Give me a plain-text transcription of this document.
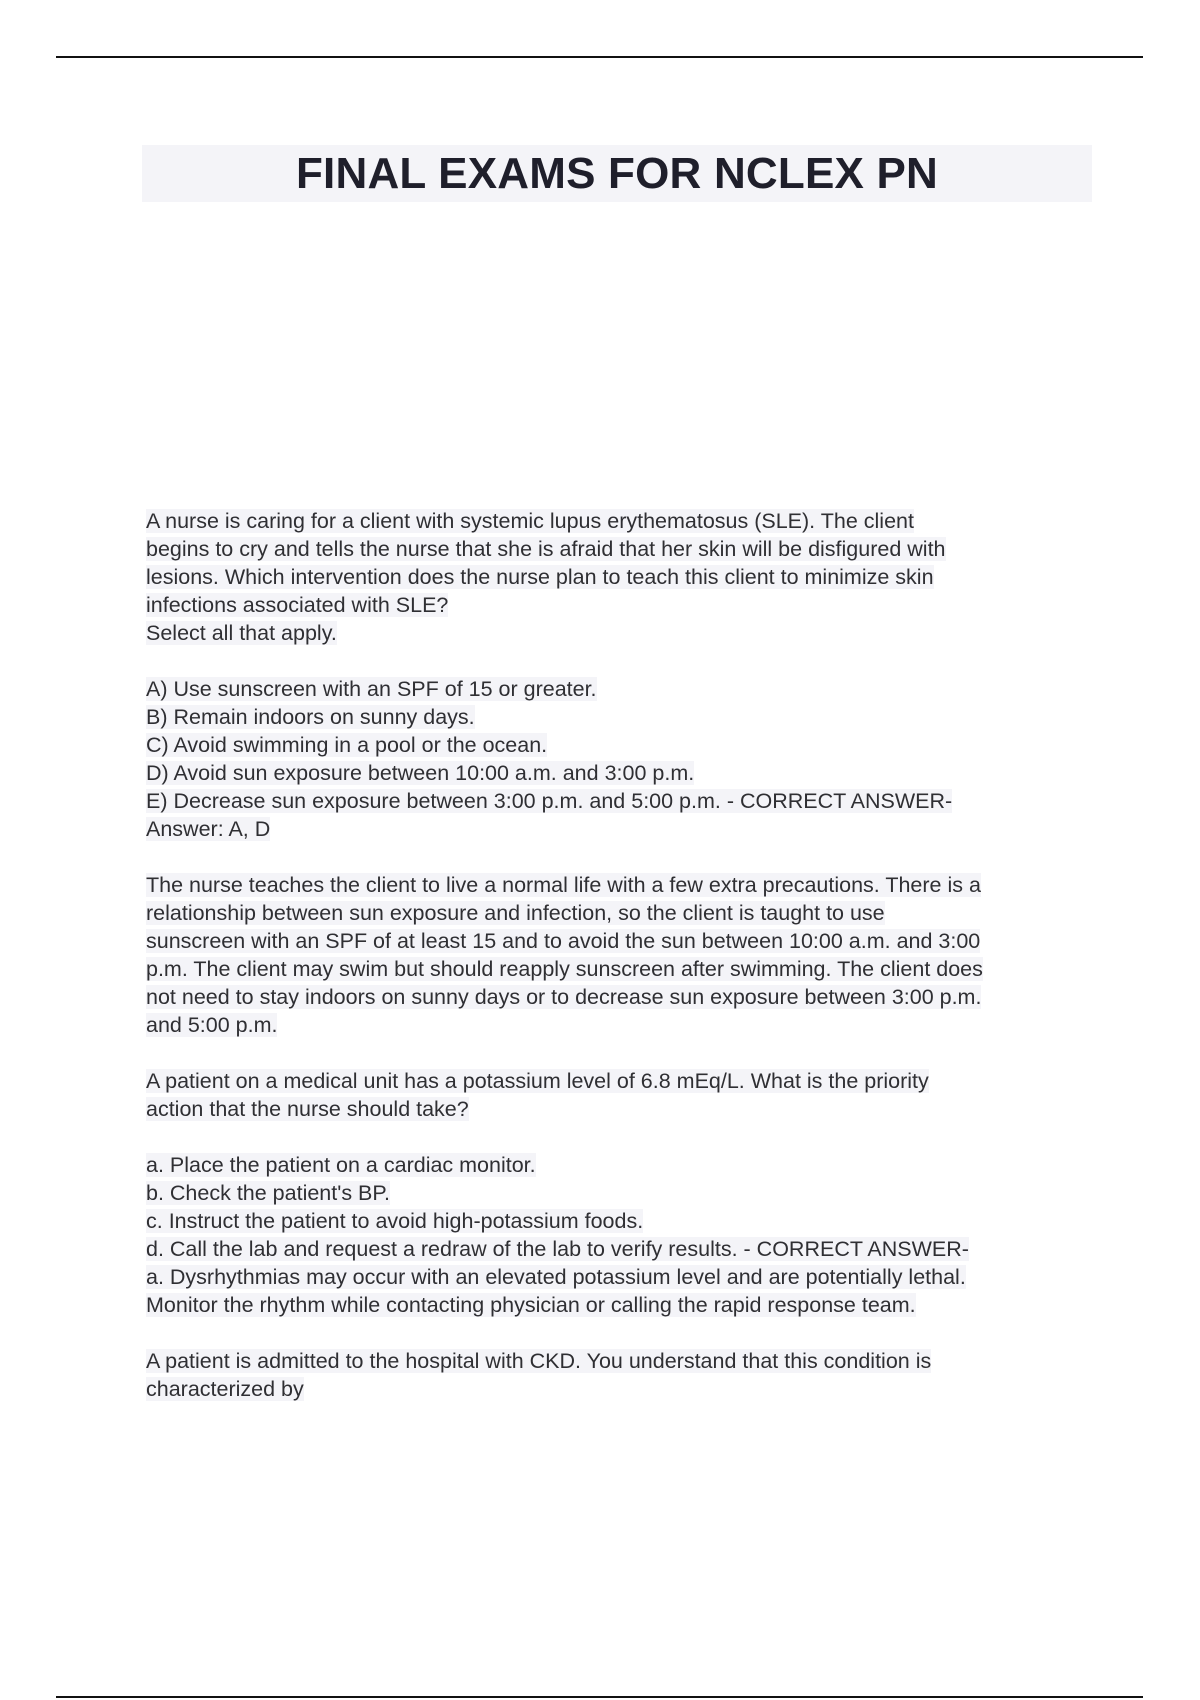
FINAL EXAMS FOR NCLEX PN
A nurse is caring for a client with systemic lupus erythematosus (SLE). The client
begins to cry and tells the nurse that she is afraid that her skin will be disfigured with
lesions. Which intervention does the nurse plan to teach this client to minimize skin
infections associated with SLE?
Select all that apply.
A) Use sunscreen with an SPF of 15 or greater.
B) Remain indoors on sunny days.
C) Avoid swimming in a pool or the ocean.
D) Avoid sun exposure between 10:00 a.m. and 3:00 p.m.
E) Decrease sun exposure between 3:00 p.m. and 5:00 p.m. - CORRECT ANSWER-
Answer: A, D
The nurse teaches the client to live a normal life with a few extra precautions. There is a
relationship between sun exposure and infection, so the client is taught to use
sunscreen with an SPF of at least 15 and to avoid the sun between 10:00 a.m. and 3:00
p.m. The client may swim but should reapply sunscreen after swimming. The client does
not need to stay indoors on sunny days or to decrease sun exposure between 3:00 p.m.
and 5:00 p.m.
A patient on a medical unit has a potassium level of 6.8 mEq/L. What is the priority
action that the nurse should take?
a. Place the patient on a cardiac monitor.
b. Check the patient's BP.
c. Instruct the patient to avoid high-potassium foods.
d. Call the lab and request a redraw of the lab to verify results. - CORRECT ANSWER-
a. Dysrhythmias may occur with an elevated potassium level and are potentially lethal.
Monitor the rhythm while contacting physician or calling the rapid response team.
A patient is admitted to the hospital with CKD. You understand that this condition is
characterized by
